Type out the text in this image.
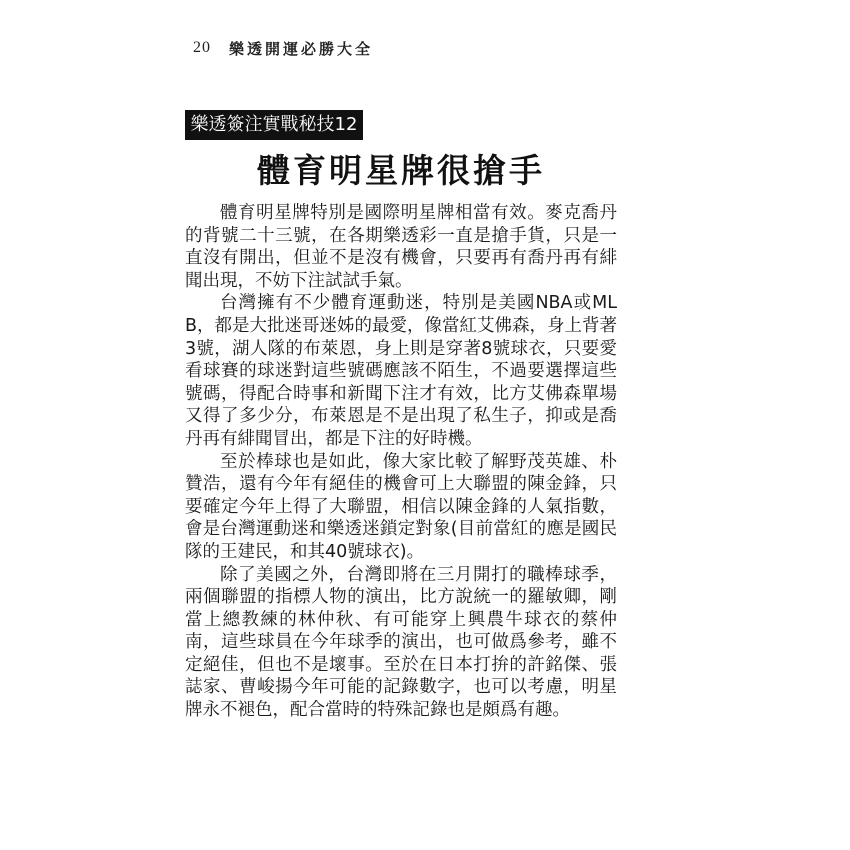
20 樂透開運必勝大全
樂透簽注實戰秘技12
體育明星牌很搶手

體育明星牌特別是國際明星牌相當有效。麥克喬丹的背號二十三號，在各期樂透彩一直是搶手貨，只是一直沒有開出，但並不是沒有機會，只要再有喬丹再有緋聞出現，不妨下注試試手氣。

台灣擁有不少體育運動迷，特別是美國NBA或MLB，都是大批迷哥迷姊的最愛，像當紅艾佛森，身上背著3號，湖人隊的布萊恩，身上則是穿著8號球衣，只要愛看球賽的球迷對這些號碼應該不陌生，不過要選擇這些號碼，得配合時事和新聞下注才有效，比方艾佛森單場又得了多少分，布萊恩是不是出現了私生子，抑或是喬丹再有緋聞冒出，都是下注的好時機。

至於棒球也是如此，像大家比較了解野茂英雄、朴贊浩，還有今年有絕佳的機會可上大聯盟的陳金鋒，只要確定今年上得了大聯盟，相信以陳金鋒的人氣指數，會是台灣運動迷和樂透迷鎖定對象(目前當紅的應是國民隊的王建民，和其40號球衣)。

除了美國之外，台灣即將在三月開打的職棒球季，兩個聯盟的指標人物的演出，比方說統一的羅敏卿，剛當上總教練的林仲秋、有可能穿上興農牛球衣的蔡仲南，這些球員在今年球季的演出，也可做爲參考，雖不定絕佳，但也不是壞事。至於在日本打拚的許銘傑、張誌家、曹峻揚今年可能的記錄數字，也可以考慮，明星牌永不褪色，配合當時的特殊記錄也是頗爲有趣。
